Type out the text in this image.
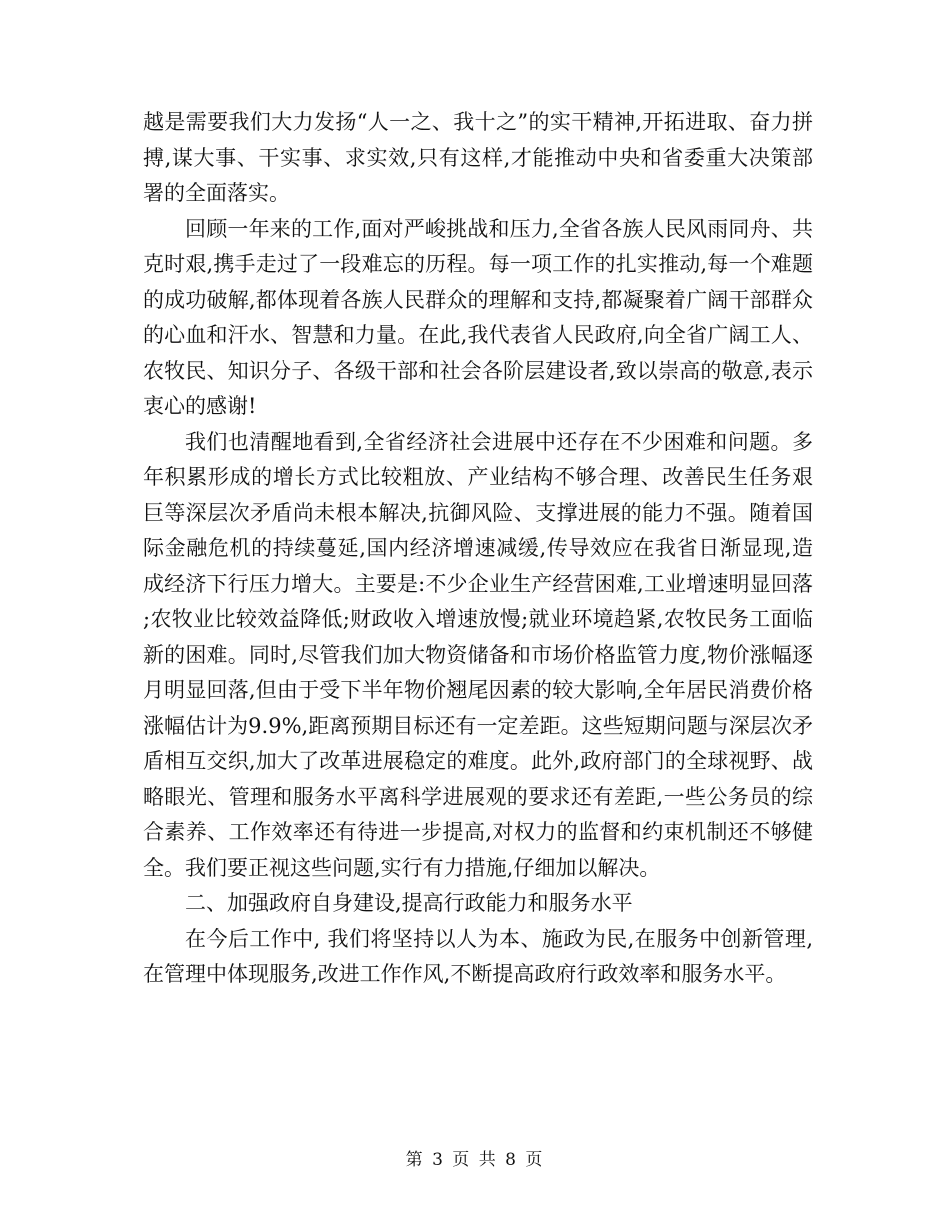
越是需要我们大力发扬“人一之、我十之”的实干精神,开拓进取、奋力拼搏,谋大事、干实事、求实效,只有这样,才能推动中央和省委重大决策部署的全面落实。

回顾一年来的工作,面对严峻挑战和压力,全省各族人民风雨同舟、共克时艰,携手走过了一段难忘的历程。每一项工作的扎实推动,每一个难题的成功破解,都体现着各族人民群众的理解和支持,都凝聚着广阔干部群众的心血和汗水、智慧和力量。在此,我代表省人民政府,向全省广阔工人、农牧民、知识分子、各级干部和社会各阶层建设者,致以崇高的敬意,表示衷心的感谢!

我们也清醒地看到,全省经济社会进展中还存在不少困难和问题。多年积累形成的增长方式比较粗放、产业结构不够合理、改善民生任务艰巨等深层次矛盾尚未根本解决,抗御风险、支撑进展的能力不强。随着国际金融危机的持续蔓延,国内经济增速减缓,传导效应在我省日渐显现,造成经济下行压力增大。主要是:不少企业生产经营困难,工业增速明显回落;农牧业比较效益降低;财政收入增速放慢;就业环境趋紧,农牧民务工面临新的困难。同时,尽管我们加大物资储备和市场价格监管力度,物价涨幅逐月明显回落,但由于受下半年物价翘尾因素的较大影响,全年居民消费价格涨幅估计为9.9%,距离预期目标还有一定差距。这些短期问题与深层次矛盾相互交织,加大了改革进展稳定的难度。此外,政府部门的全球视野、战略眼光、管理和服务水平离科学进展观的要求还有差距,一些公务员的综合素养、工作效率还有待进一步提高,对权力的监督和约束机制还不够健全。我们要正视这些问题,实行有力措施,仔细加以解决。

二、加强政府自身建设,提高行政能力和服务水平

在今后工作中, 我们将坚持以人为本、施政为民,在服务中创新管理,在管理中体现服务,改进工作作风,不断提高政府行政效率和服务水平。

第 3 页 共 8 页
